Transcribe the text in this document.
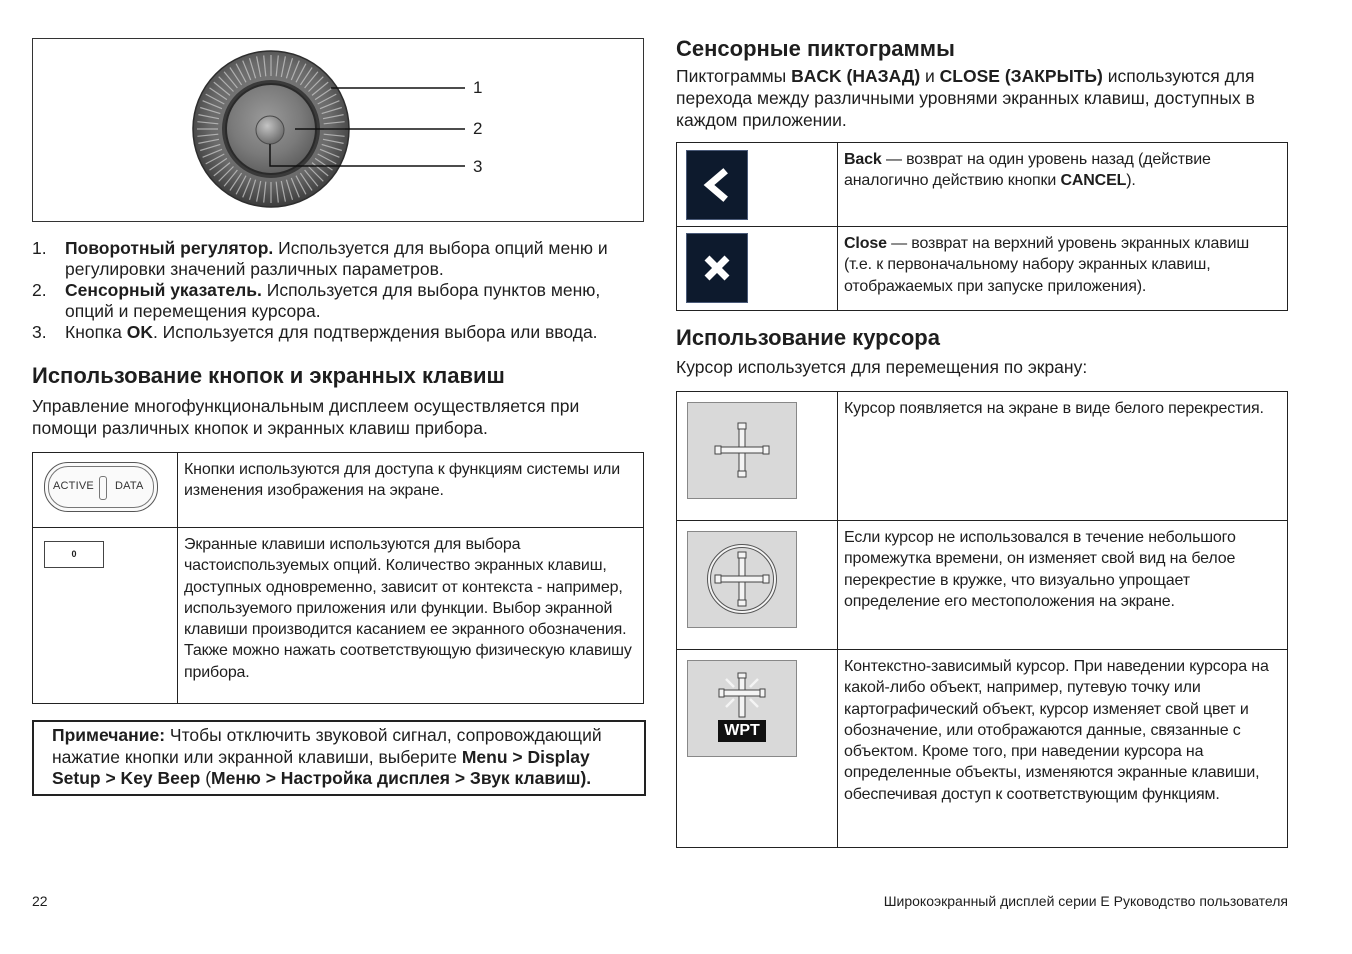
1
2
3
1. Поворотный регулятор. Используется для выбора опций меню и регулировки значений различных параметров.
2. Сенсорный указатель. Используется для выбора пунктов меню, опций и перемещения курсора.
3. Кнопка OK. Используется для подтверждения выбора или ввода.
Использование кнопок и экранных клавиш
Управление многофункциональным дисплеем осуществляется при помощи различных кнопок и экранных клавиш прибора.
ACTIVE DATA	Кнопки используются для доступа к функциям системы или изменения изображения на экране.

0	Экранные клавиши используются для выбора частоиспользуемых опций. Количество экранных клавиш, доступных одновременно, зависит от контекста - например, используемого приложения или функции. Выбор экранной клавиши производится касанием ее экранного обозначения. Также можно нажать соответствующую физическую клавишу прибора.
Примечание: Чтобы отключить звуковой сигнал, сопровождающий нажатие кнопки или экранной клавиши, выберите Menu > Display Setup > Key Beep (Меню > Настройка дисплея > Звук клавиш).
Сенсорные пиктограммы
Пиктограммы BACK (НАЗАД) и CLOSE (ЗАКРЫТЬ) используются для перехода между различными уровнями экранных клавиш, доступных в каждом приложении.
	Back — возврат на один уровень назад (действие аналогично действию кнопки CANCEL).

	Close — возврат на верхний уровень экранных клавиш (т.е. к первоначальному набору экранных клавиш, отображаемых при запуске приложения).
Использование курсора
Курсор используется для перемещения по экрану:
	Курсор появляется на экране в виде белого перекрестия.

	Если курсор не использовался в течение небольшого промежутка времени, он изменяет свой вид на белое перекрестие в кружке, что визуально упрощает определение его местоположения на экране.

WPT	Контекстно-зависимый курсор. При наведении курсора на какой-либо объект, например, путевую точку или картографический объект, курсор изменяет свой цвет и обозначение, или отображаются данные, связанные с объектом. Кроме того, при наведении курсора на определенные объекты, изменяются экранные клавиши, обеспечивая доступ к соответствующим функциям.
22	Широкоэкранный дисплей серии E Руководство пользователя
